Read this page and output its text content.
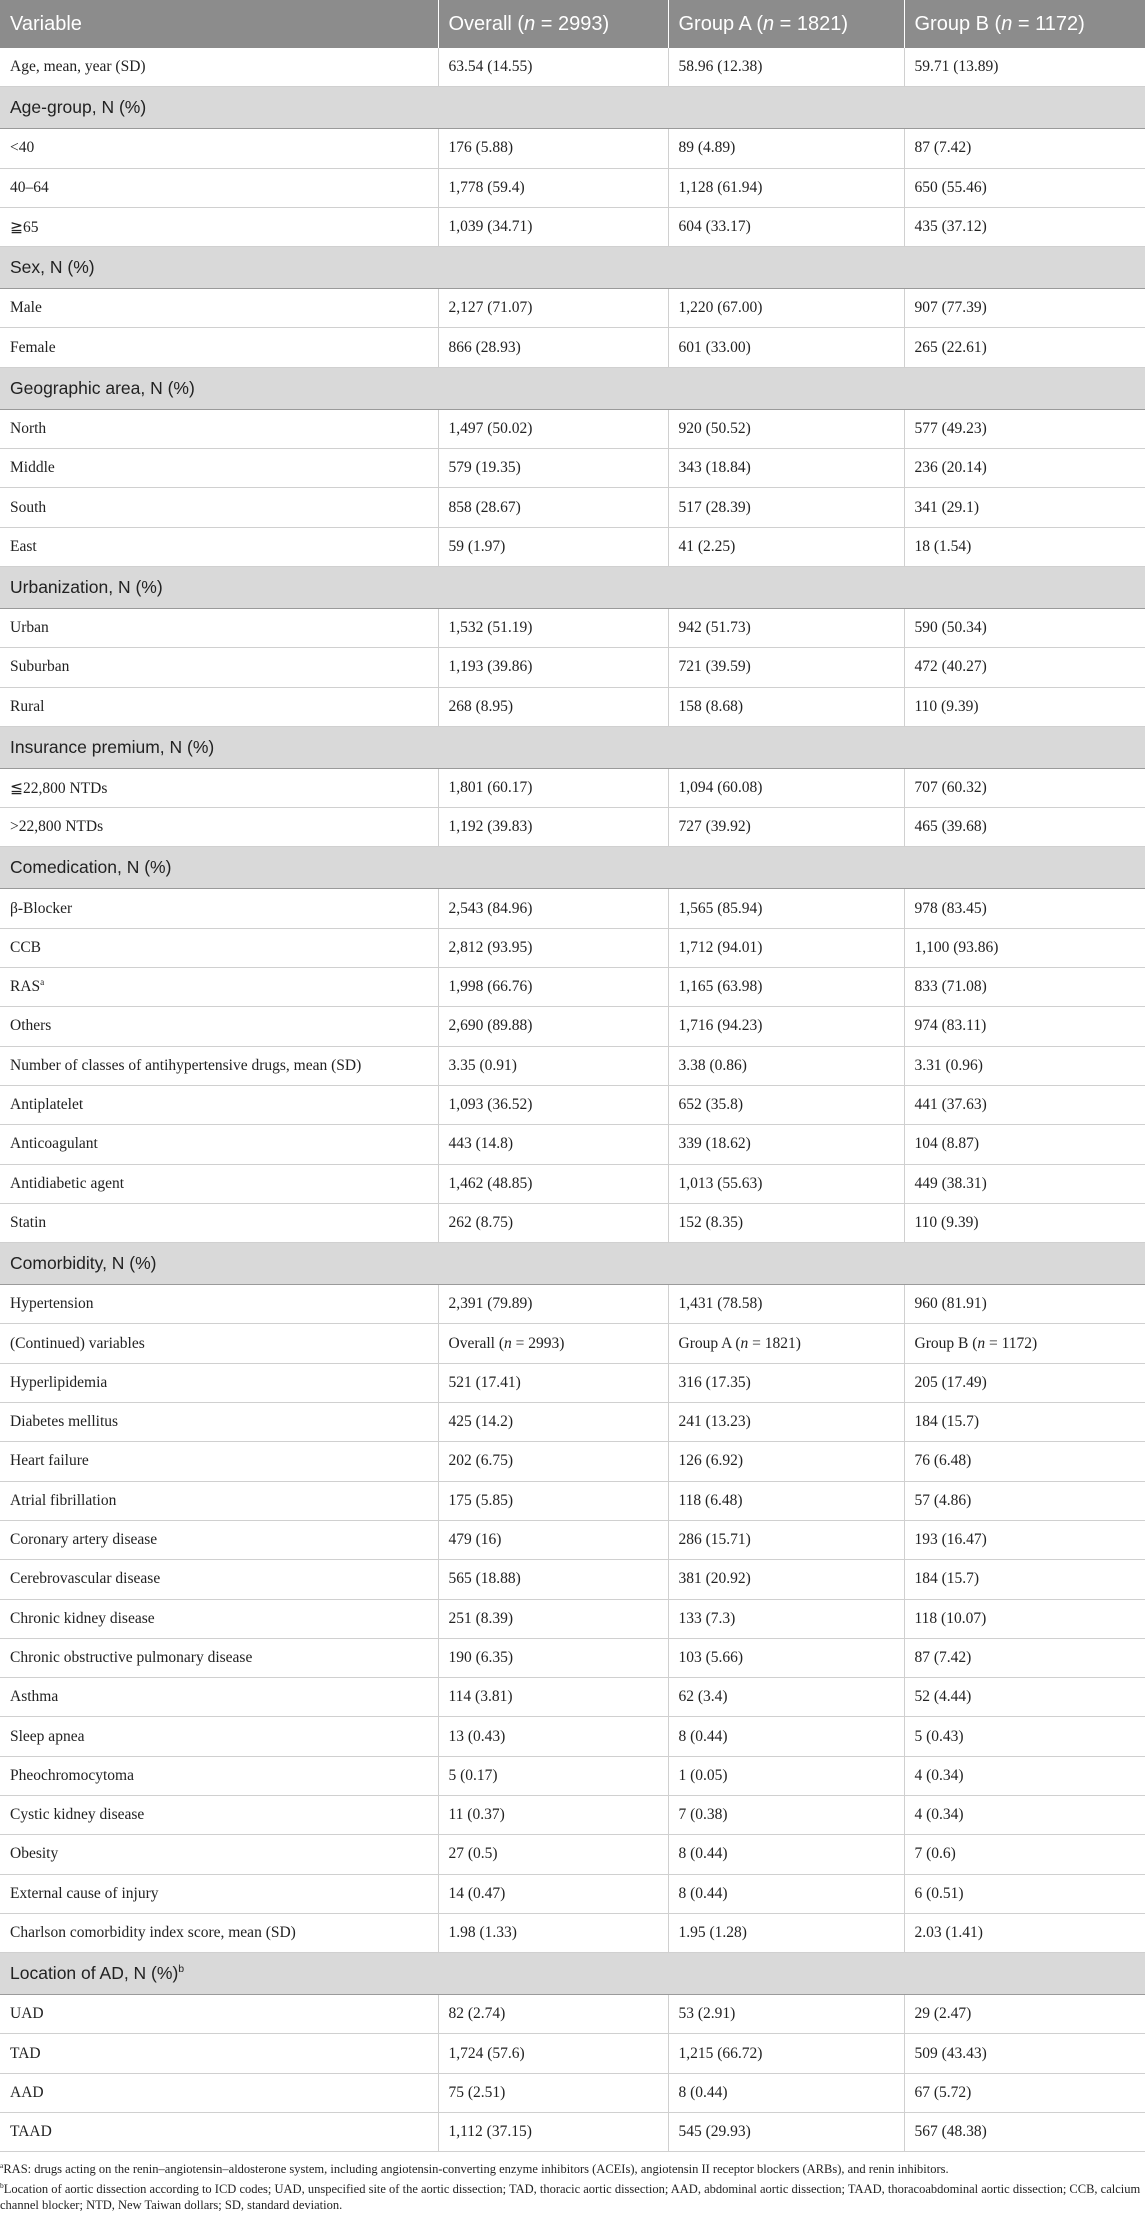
Variable	Overall (n = 2993)	Group A (n = 1821)	Group B (n = 1172)
Age, mean, year (SD)	63.54 (14.55)	58.96 (12.38)	59.71 (13.89)
Age-group, N (%)			
<40	176 (5.88)	89 (4.89)	87 (7.42)
40–64	1,778 (59.4)	1,128 (61.94)	650 (55.46)
≧65	1,039 (34.71)	604 (33.17)	435 (37.12)
Sex, N (%)			
Male	2,127 (71.07)	1,220 (67.00)	907 (77.39)
Female	866 (28.93)	601 (33.00)	265 (22.61)
Geographic area, N (%)			
North	1,497 (50.02)	920 (50.52)	577 (49.23)
Middle	579 (19.35)	343 (18.84)	236 (20.14)
South	858 (28.67)	517 (28.39)	341 (29.1)
East	59 (1.97)	41 (2.25)	18 (1.54)
Urbanization, N (%)			
Urban	1,532 (51.19)	942 (51.73)	590 (50.34)
Suburban	1,193 (39.86)	721 (39.59)	472 (40.27)
Rural	268 (8.95)	158 (8.68)	110 (9.39)
Insurance premium, N (%)			
≦22,800 NTDs	1,801 (60.17)	1,094 (60.08)	707 (60.32)
>22,800 NTDs	1,192 (39.83)	727 (39.92)	465 (39.68)
Comedication, N (%)			
β-Blocker	2,543 (84.96)	1,565 (85.94)	978 (83.45)
CCB	2,812 (93.95)	1,712 (94.01)	1,100 (93.86)
RAS$^a$	1,998 (66.76)	1,165 (63.98)	833 (71.08)
Others	2,690 (89.88)	1,716 (94.23)	974 (83.11)
Number of classes of antihypertensive drugs, mean (SD)	3.35 (0.91)	3.38 (0.86)	3.31 (0.96)
Antiplatelet	1,093 (36.52)	652 (35.8)	441 (37.63)
Anticoagulant	443 (14.8)	339 (18.62)	104 (8.87)
Antidiabetic agent	1,462 (48.85)	1,013 (55.63)	449 (38.31)
Statin	262 (8.75)	152 (8.35)	110 (9.39)
Comorbidity, N (%)			
Hypertension	2,391 (79.89)	1,431 (78.58)	960 (81.91)
(Continued) variables	Overall (n = 2993)	Group A (n = 1821)	Group B (n = 1172)
Hyperlipidemia	521 (17.41)	316 (17.35)	205 (17.49)
Diabetes mellitus	425 (14.2)	241 (13.23)	184 (15.7)
Heart failure	202 (6.75)	126 (6.92)	76 (6.48)
Atrial fibrillation	175 (5.85)	118 (6.48)	57 (4.86)
Coronary artery disease	479 (16)	286 (15.71)	193 (16.47)
Cerebrovascular disease	565 (18.88)	381 (20.92)	184 (15.7)
Chronic kidney disease	251 (8.39)	133 (7.3)	118 (10.07)
Chronic obstructive pulmonary disease	190 (6.35)	103 (5.66)	87 (7.42)
Asthma	114 (3.81)	62 (3.4)	52 (4.44)
Sleep apnea	13 (0.43)	8 (0.44)	5 (0.43)
Pheochromocytoma	5 (0.17)	1 (0.05)	4 (0.34)
Cystic kidney disease	11 (0.37)	7 (0.38)	4 (0.34)
Obesity	27 (0.5)	8 (0.44)	7 (0.6)
External cause of injury	14 (0.47)	8 (0.44)	6 (0.51)
Charlson comorbidity index score, mean (SD)	1.98 (1.33)	1.95 (1.28)	2.03 (1.41)
Location of AD, N (%)$^b$
UAD	82 (2.74)	53 (2.91)	29 (2.47)
TAD	1,724 (57.6)	1,215 (66.72)	509 (43.43)
AAD	75 (2.51)	8 (0.44)	67 (5.72)
TAAD	1,112 (37.15)	545 (29.93)	567 (48.38)
$^a$RAS: drugs acting on the renin–angiotensin–aldosterone system, including angiotensin-converting enzyme inhibitors (ACEIs), angiotensin II receptor blockers (ARBs), and renin inhibitors.
$^b$Location of aortic dissection according to ICD codes; UAD, unspecified site of the aortic dissection; TAD, thoracic aortic dissection; AAD, abdominal aortic dissection; TAAD, thoracoabdominal aortic dissection; CCB, calcium channel blocker; NTD, New Taiwan dollars; SD, standard deviation.
